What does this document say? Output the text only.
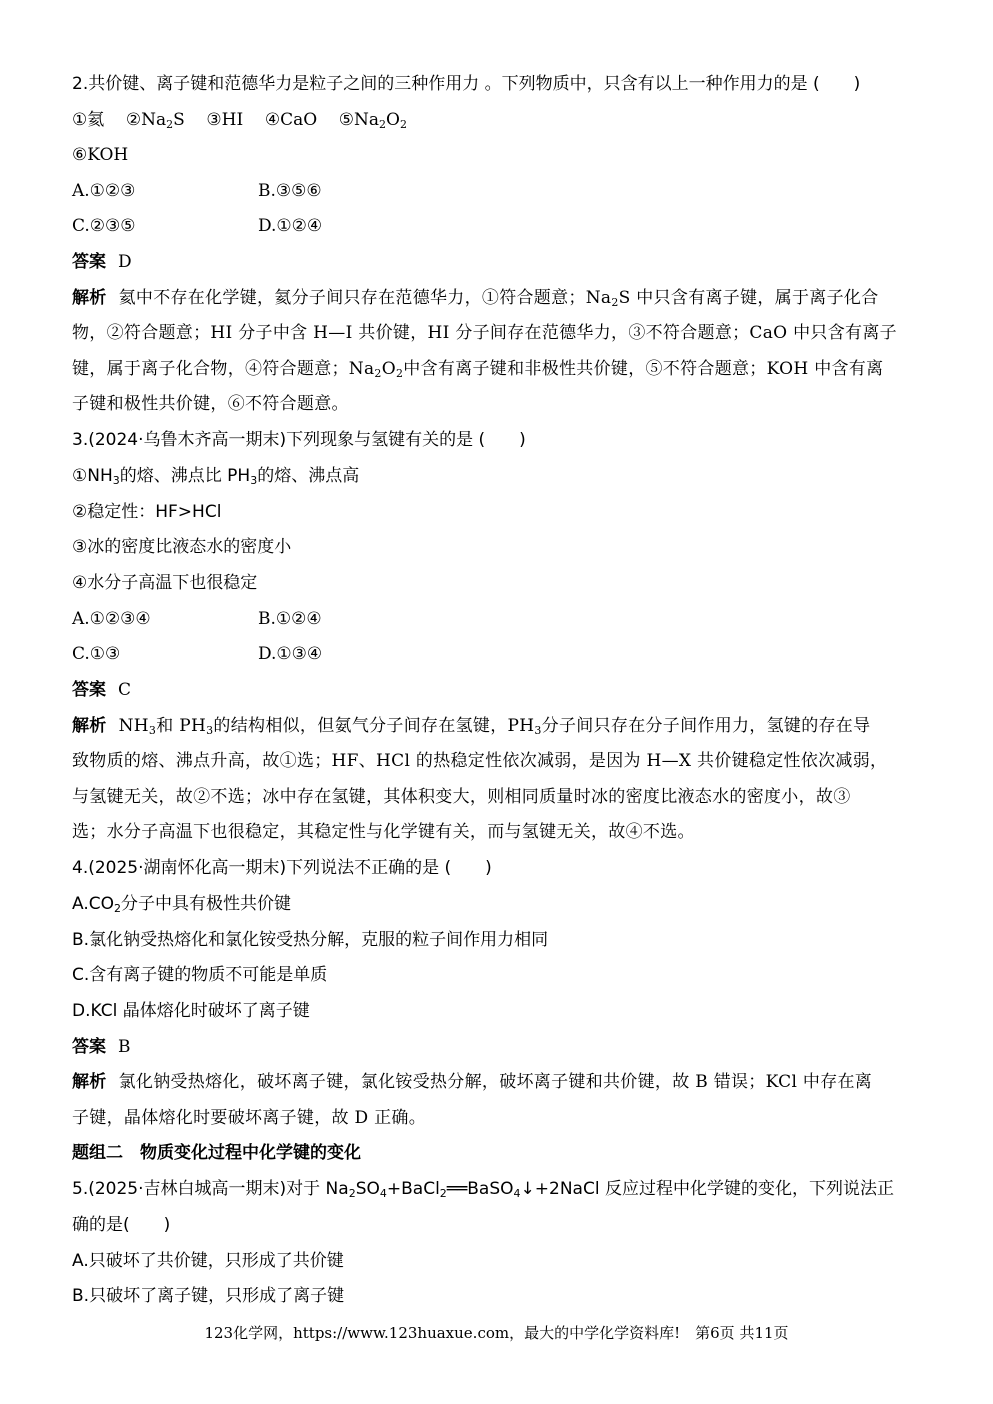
2.共价键、离子键和范德华力是粒子之间的三种作用力 。下列物质中，只含有以上一种作用力的是 (　　)
①氦 $②Na_2S$ ③HI ④CaO $⑤Na_2O_2$
⑥KOH
A.①②③	B.③⑤⑥
C.②③⑤	D.①②④
答案 D
解析 氦中不存在化学键，氦分子间只存在范德华力，①符合题意；$Na_2S$ 中只含有离子键，属于离子化合
物，②符合题意；HI 分子中含 H—I 共价键，HI 分子间存在范德华力，③不符合题意；CaO 中只含有离子
键，属于离子化合物，④符合题意；$Na_2O_2$中含有离子键和非极性共价键，⑤不符合题意；KOH 中含有离
子键和极性共价键，⑥不符合题意。
3.(2024·乌鲁木齐高一期末)下列现象与氢键有关的是 (　　)
$①NH_3$的熔、沸点比 $PH_3$的熔、沸点高
②稳定性：HF>HCl
③冰的密度比液态水的密度小
④水分子高温下也很稳定
A.①②③④	B.①②④
C.①③	D.①③④
答案 C
解析 $NH_3$和 $PH_3$的结构相似，但氨气分子间存在氢键，$PH_3$分子间只存在分子间作用力，氢键的存在导
致物质的熔、沸点升高，故①选；HF、HCl 的热稳定性依次减弱，是因为 H—X 共价键稳定性依次减弱，
与氢键无关，故②不选；冰中存在氢键，其体积变大，则相同质量时冰的密度比液态水的密度小，故③
选；水分子高温下也很稳定，其稳定性与化学键有关，而与氢键无关，故④不选。
4.(2025·湖南怀化高一期末)下列说法不正确的是 (　　)
$A.CO_2$分子中具有极性共价键
B.氯化钠受热熔化和氯化铵受热分解，克服的粒子间作用力相同
C.含有离子键的物质不可能是单质
D.KCl 晶体熔化时破坏了离子键
答案 B
解析 氯化钠受热熔化，破坏离子键，氯化铵受热分解，破坏离子键和共价键，故 B 错误；KCl 中存在离
子键，晶体熔化时要破坏离子键，故 D 正确。
题组二　物质变化过程中化学键的变化
5.(2025·吉林白城高一期末)对于 $Na_2SO_4+BaCl_2══BaSO_4↓+2NaCl$ 反应过程中化学键的变化，下列说法正
确的是(　　)
A.只破坏了共价键，只形成了共价键
B.只破坏了离子键，只形成了离子键
123化学网，https://www.123huaxue.com，最大的中学化学资料库!　第6页 共11页
